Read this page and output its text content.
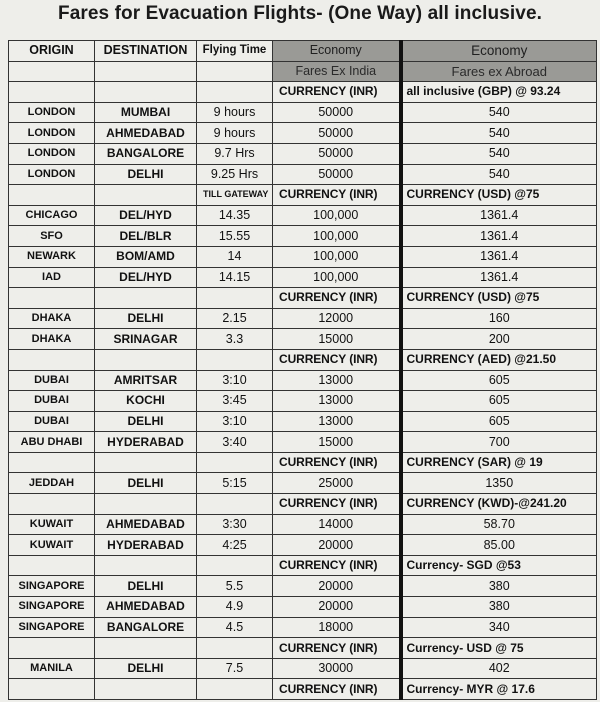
Fares for Evacuation Flights- (One Way) all inclusive.
ORIGIN	DESTINATION	Flying Time	Economy	Economy
			Fares Ex India	Fares ex Abroad
			CURRENCY (INR)	all inclusive (GBP) @ 93.24
LONDON	MUMBAI	9 hours	50000	540
LONDON	AHMEDABAD	9 hours	50000	540
LONDON	BANGALORE	9.7 Hrs	50000	540
LONDON	DELHI	9.25 Hrs	50000	540
		TILL GATEWAY	CURRENCY (INR)	CURRENCY (USD) @75
CHICAGO	DEL/HYD	14.35	100,000	1361.4
SFO	DEL/BLR	15.55	100,000	1361.4
NEWARK	BOM/AMD	14	100,000	1361.4
IAD	DEL/HYD	14.15	100,000	1361.4
			CURRENCY (INR)	CURRENCY (USD) @75
DHAKA	DELHI	2.15	12000	160
DHAKA	SRINAGAR	3.3	15000	200
			CURRENCY (INR)	CURRENCY (AED) @21.50
DUBAI	AMRITSAR	3:10	13000	605
DUBAI	KOCHI	3:45	13000	605
DUBAI	DELHI	3:10	13000	605
ABU DHABI	HYDERABAD	3:40	15000	700
			CURRENCY (INR)	CURRENCY (SAR) @ 19
JEDDAH	DELHI	5:15	25000	1350
			CURRENCY (INR)	CURRENCY (KWD)-@241.20
KUWAIT	AHMEDABAD	3:30	14000	58.70
KUWAIT	HYDERABAD	4:25	20000	85.00
			CURRENCY (INR)	Currency- SGD @53
SINGAPORE	DELHI	5.5	20000	380
SINGAPORE	AHMEDABAD	4.9	20000	380
SINGAPORE	BANGALORE	4.5	18000	340
			CURRENCY (INR)	Currency- USD @ 75
MANILA	DELHI	7.5	30000	402
			CURRENCY (INR)	Currency- MYR @ 17.6
